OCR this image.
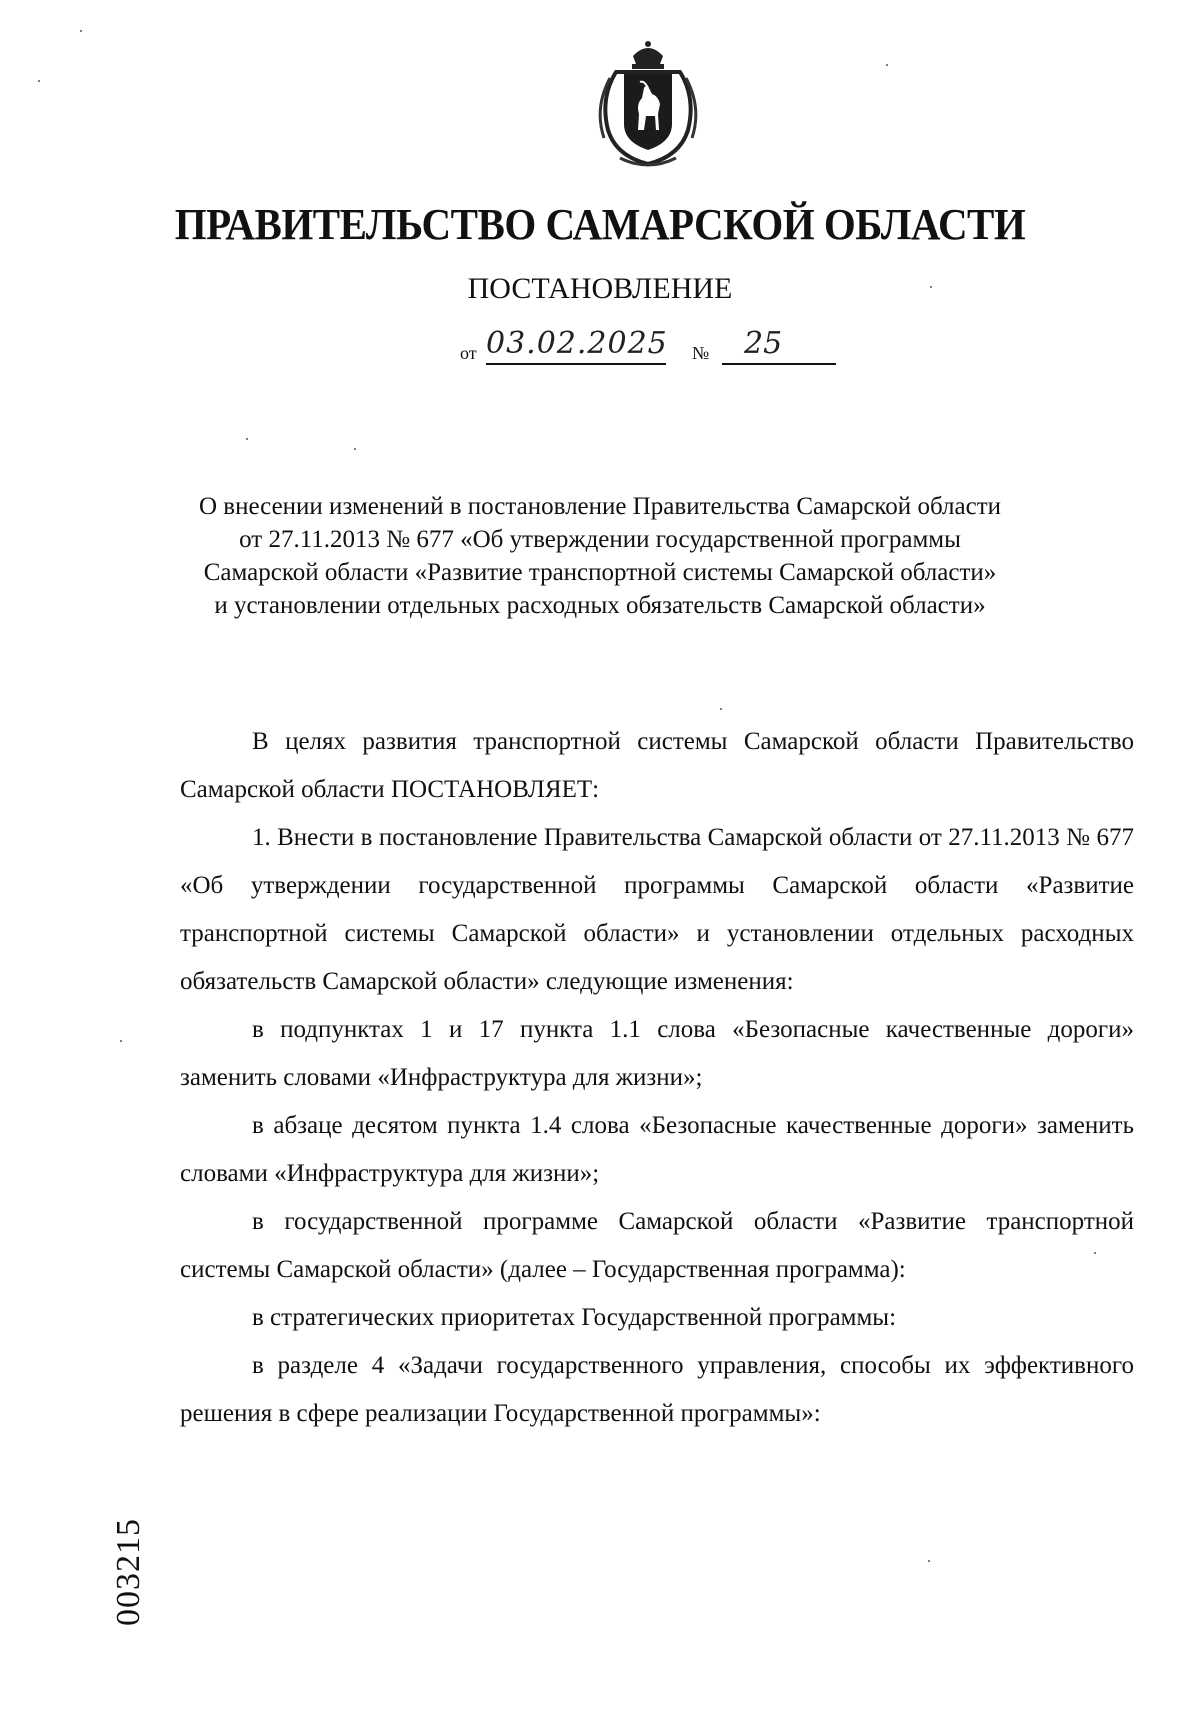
ПРАВИТЕЛЬСТВО САМАРСКОЙ ОБЛАСТИ
ПОСТАНОВЛЕНИЕ
от 03.02.2025 №	25
О внесении изменений в постановление Правительства Самарской области
от 27.11.2013 № 677 «Об утверждении государственной программы
Самарской области «Развитие транспортной системы Самарской области»
и установлении отдельных расходных обязательств Самарской области»

В целях развития транспортной системы Самарской области Правительство Самарской области ПОСТАНОВЛЯЕТ:

1. Внести в постановление Правительства Самарской области от 27.11.2013 № 677 «Об утверждении государственной программы Самарской области «Развитие транспортной системы Самарской области» и установлении отдельных расходных обязательств Самарской области» следующие изменения:

в подпунктах 1 и 17 пункта 1.1 слова «Безопасные качественные дороги» заменить словами «Инфраструктура для жизни»;

в абзаце десятом пункта 1.4 слова «Безопасные качественные дороги» заменить словами «Инфраструктура для жизни»;

в государственной программе Самарской области «Развитие транспортной системы Самарской области» (далее – Государственная программа):

в стратегических приоритетах Государственной программы:

в разделе 4 «Задачи государственного управления, способы их эффективного решения в сфере реализации Государственной программы»:

003215
